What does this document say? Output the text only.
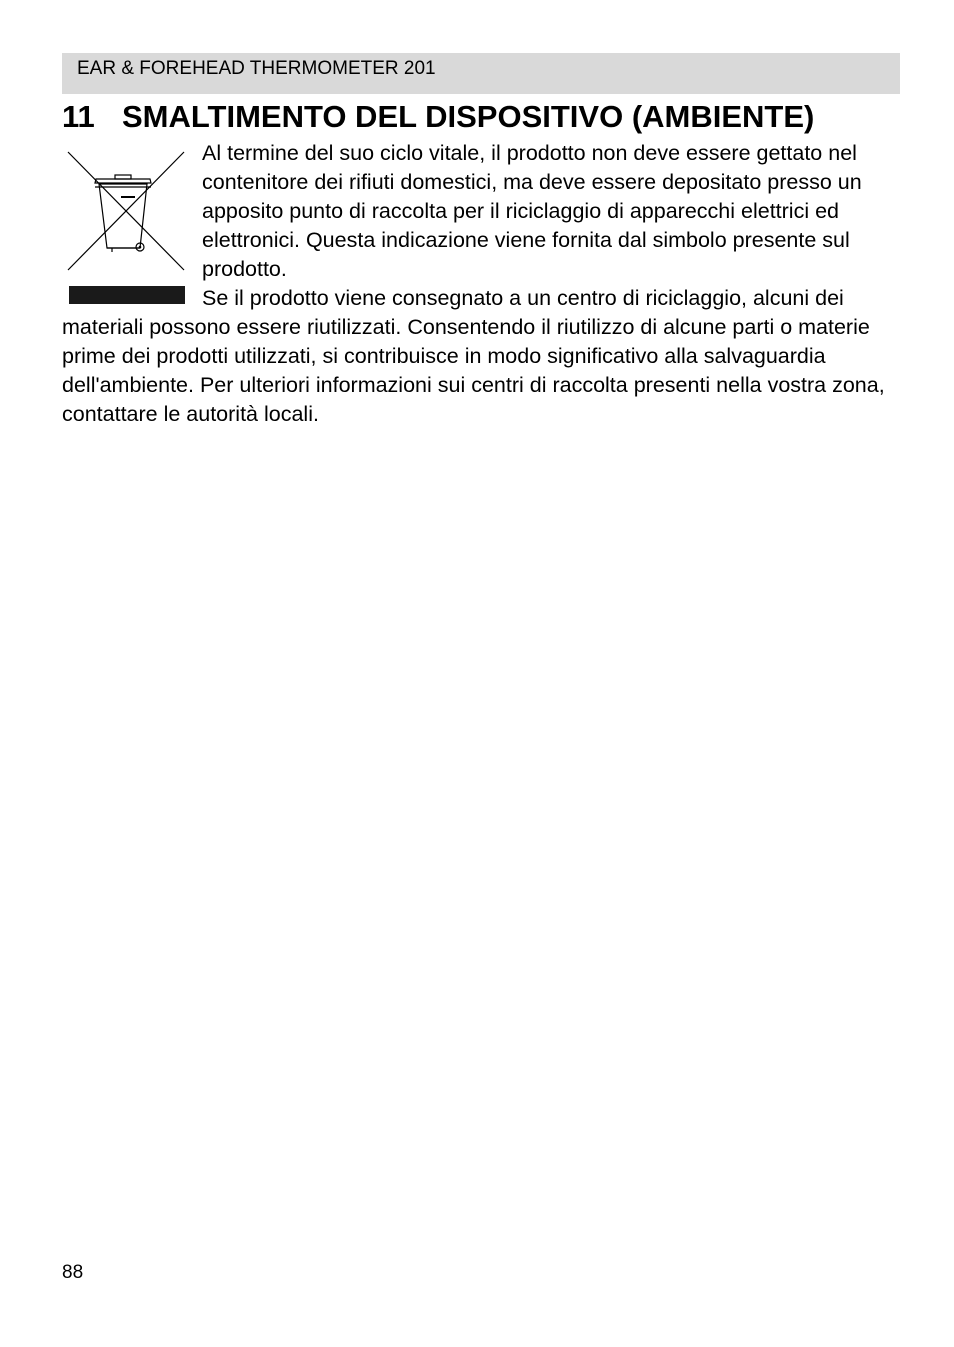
EAR & FOREHEAD THERMOMETER 201
11 SMALTIMENTO DEL DISPOSITIVO (AMBIENTE)

Al termine del suo ciclo vitale, il prodotto non deve essere gettato nel contenitore dei rifiuti domestici, ma deve essere depositato presso un apposito punto di raccolta per il riciclaggio di apparecchi elettrici ed elettronici. Questa indicazione viene fornita dal simbolo presente sul prodotto.

Se il prodotto viene consegnato a un centro di riciclaggio, alcuni dei materiali possono essere riutilizzati. Consentendo il riutilizzo di alcune parti o materie prime dei prodotti utilizzati, si contribuisce in modo significativo alla salvaguardia dell'ambiente. Per ulteriori informazioni sui centri di raccolta presenti nella vostra zona, contattare le autorità locali.

88
